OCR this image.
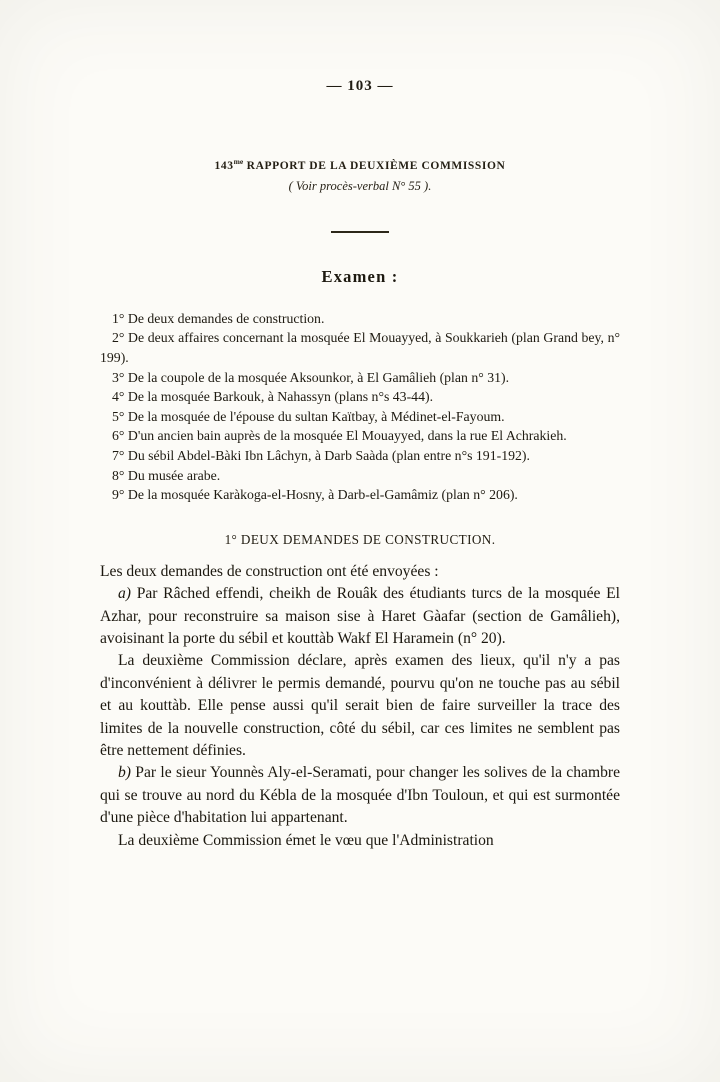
— 103 —
$143^{me}$ RAPPORT DE LA DEUXIÈME COMMISSION
( Voir procès-verbal N° 55 ).
Examen :

1° De deux demandes de construction.

2° De deux affaires concernant la mosquée El Mouayyed, à Soukkarieh (plan Grand bey, n° 199).

3° De la coupole de la mosquée Aksounkor, à El Gamâlieh (plan n° 31).

4° De la mosquée Barkouk, à Nahassyn (plans n°s 43-44).

5° De la mosquée de l'épouse du sultan Kaïtbay, à Médinet-el-Fayoum.

6° D'un ancien bain auprès de la mosquée El Mouayyed, dans la rue El Achrakieh.

7° Du sébil Abdel-Bàki Ibn Lâchyn, à Darb Saàda (plan entre n°s 191-192).

8° Du musée arabe.

9° De la mosquée Karàkoga-el-Hosny, à Darb-el-Gamâmiz (plan n° 206).

1° DEUX DEMANDES DE CONSTRUCTION.

Les deux demandes de construction ont été envoyées :

a) Par Râched effendi, cheikh de Rouâk des étudiants turcs de la mosquée El Azhar, pour reconstruire sa maison sise à Haret Gàafar (section de Gamâlieh), avoisinant la porte du sébil et kouttàb Wakf El Haramein (n° 20).

La deuxième Commission déclare, après examen des lieux, qu'il n'y a pas d'inconvénient à délivrer le permis demandé, pourvu qu'on ne touche pas au sébil et au kouttàb. Elle pense aussi qu'il serait bien de faire surveiller la trace des limites de la nouvelle construction, côté du sébil, car ces limites ne semblent pas être nettement définies.

b) Par le sieur Younnès Aly-el-Seramati, pour changer les solives de la chambre qui se trouve au nord du Kébla de la mosquée d'Ibn Touloun, et qui est surmontée d'une pièce d'habitation lui appartenant.

La deuxième Commission émet le vœu que l'Administration
